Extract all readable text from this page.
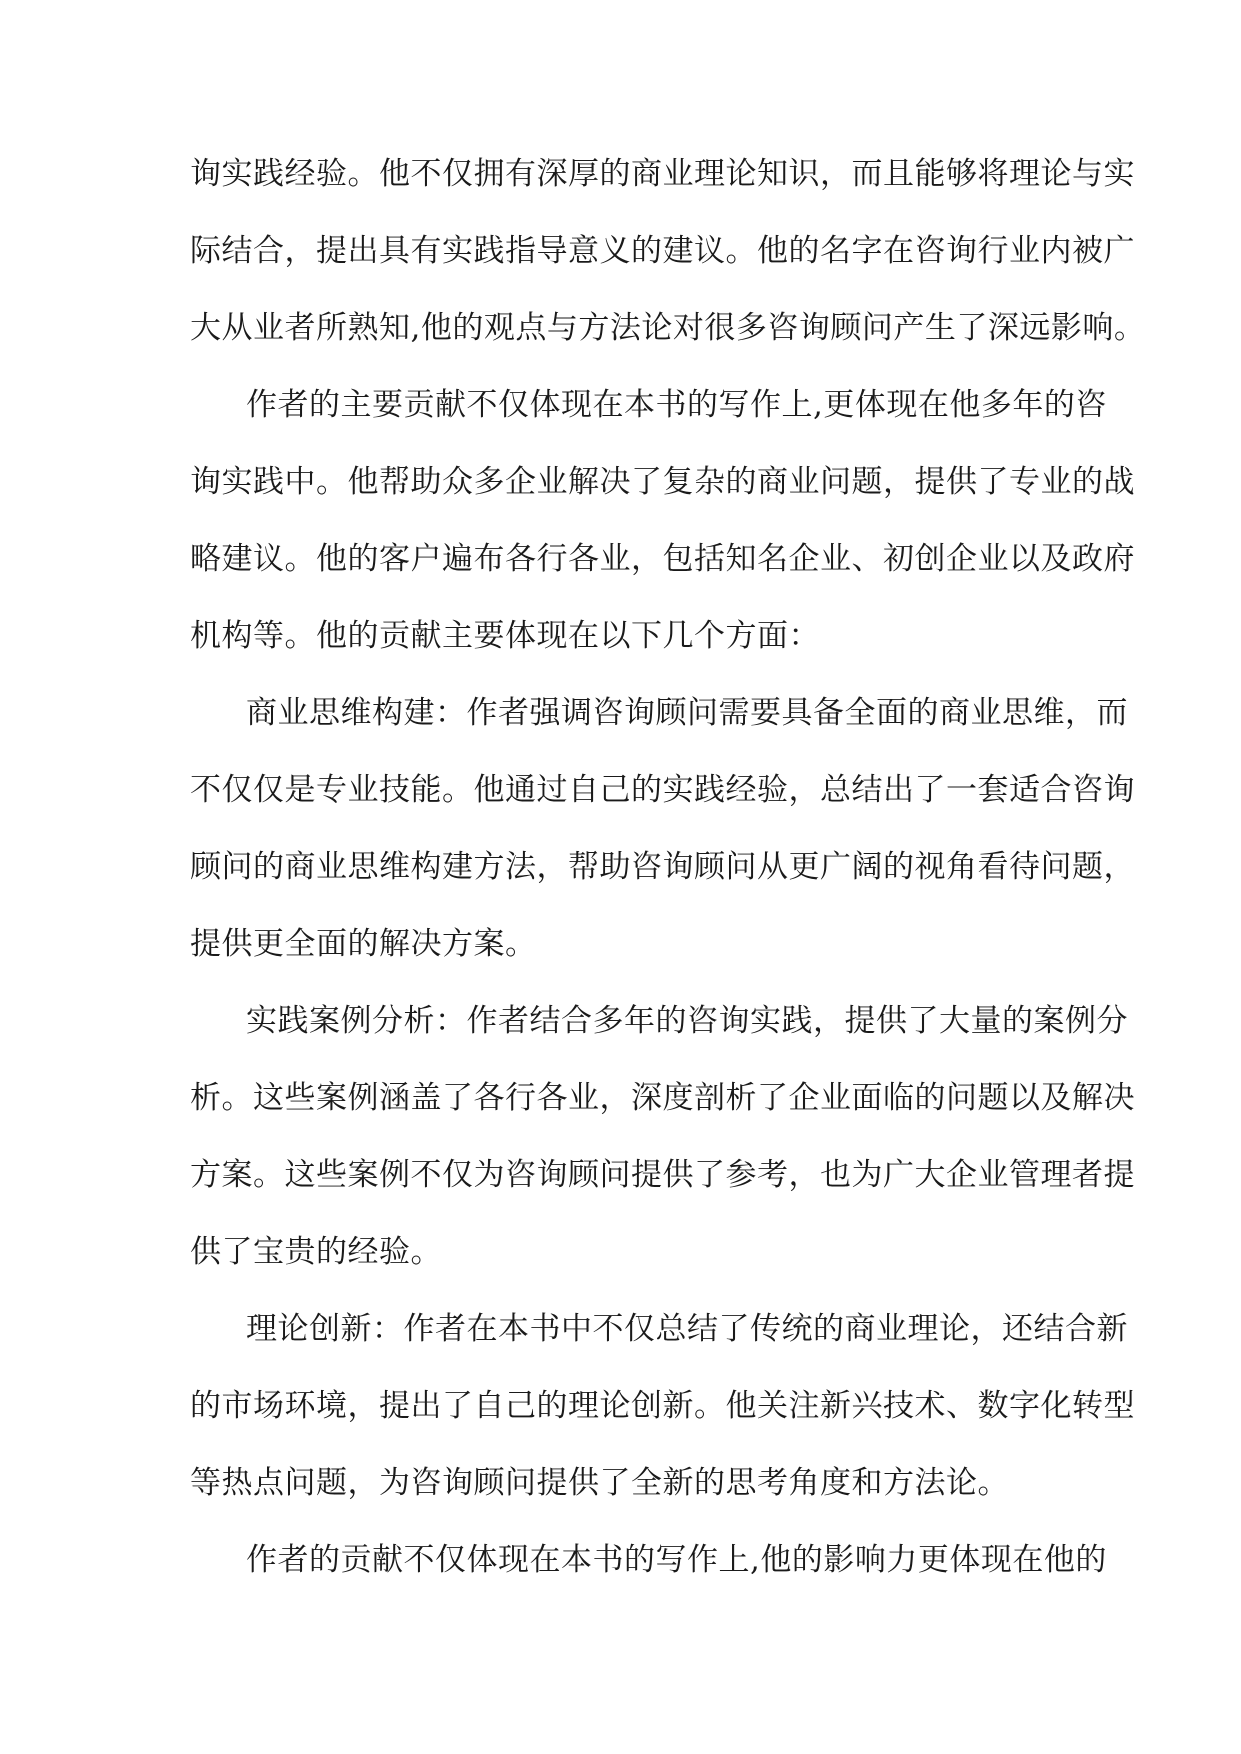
询实践经验。他不仅拥有深厚的商业理论知识，而且能够将理论与实
际结合，提出具有实践指导意义的建议。他的名字在咨询行业内被广
大从业者所熟知,他的观点与方法论对很多咨询顾问产生了深远影响。
作者的主要贡献不仅体现在本书的写作上,更体现在他多年的咨
询实践中。他帮助众多企业解决了复杂的商业问题，提供了专业的战
略建议。他的客户遍布各行各业，包括知名企业、初创企业以及政府
机构等。他的贡献主要体现在以下几个方面：
商业思维构建：作者强调咨询顾问需要具备全面的商业思维，而
不仅仅是专业技能。他通过自己的实践经验，总结出了一套适合咨询
顾问的商业思维构建方法，帮助咨询顾问从更广阔的视角看待问题，
提供更全面的解决方案。
实践案例分析：作者结合多年的咨询实践，提供了大量的案例分
析。这些案例涵盖了各行各业，深度剖析了企业面临的问题以及解决
方案。这些案例不仅为咨询顾问提供了参考，也为广大企业管理者提
供了宝贵的经验。
理论创新：作者在本书中不仅总结了传统的商业理论，还结合新
的市场环境，提出了自己的理论创新。他关注新兴技术、数字化转型
等热点问题，为咨询顾问提供了全新的思考角度和方法论。
作者的贡献不仅体现在本书的写作上,他的影响力更体现在他的
